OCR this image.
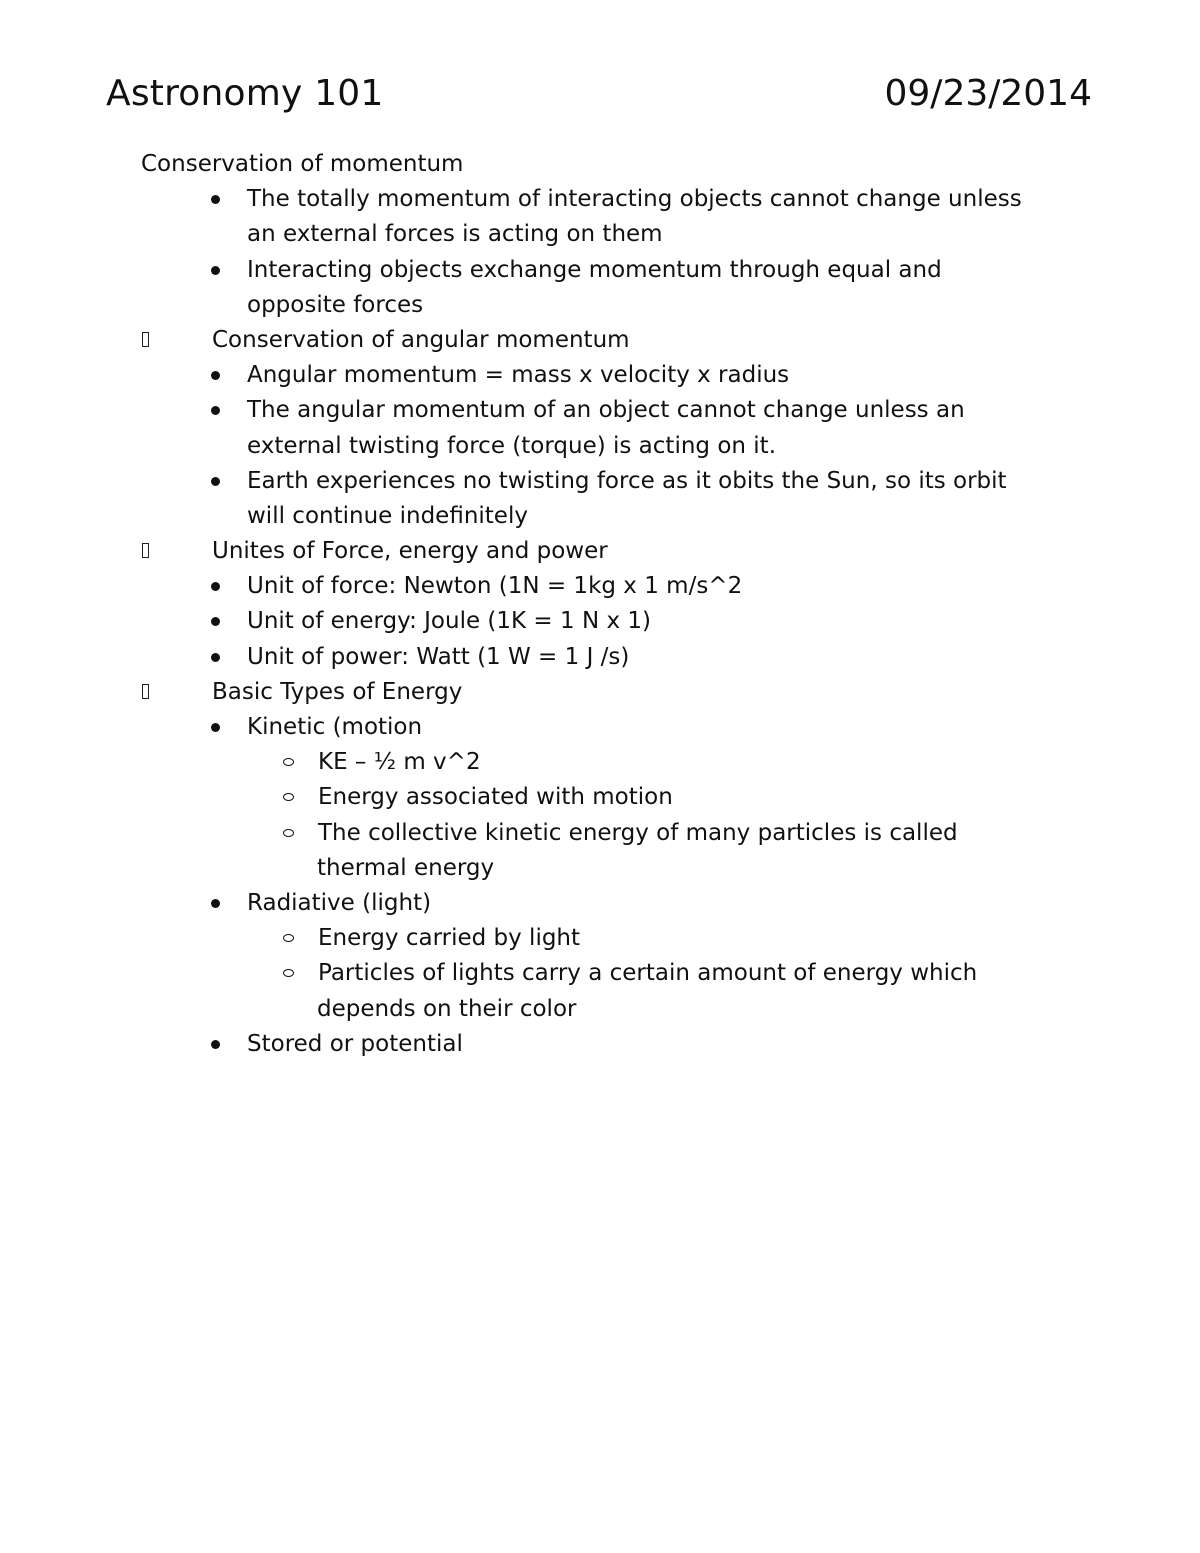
Astronomy 101	09/23/2014
Conservation of momentum
The totally momentum of interacting objects cannot change unless
an external forces is acting on them
Interacting objects exchange momentum through equal and
opposite forces
Conservation of angular momentum
Angular momentum = mass x velocity x radius
The angular momentum of an object cannot change unless an
external twisting force (torque) is acting on it.
Earth experiences no twisting force as it obits the Sun, so its orbit
will continue indefinitely
Unites of Force, energy and power
Unit of force: Newton (1N = 1kg x 1 m/s^2
Unit of energy: Joule (1K = 1 N x 1)
Unit of power: Watt (1 W = 1 J /s)
Basic Types of Energy
Kinetic (motion
KE – ½ m v^2
Energy associated with motion
The collective kinetic energy of many particles is called
thermal energy
Radiative (light)
Energy carried by light
Particles of lights carry a certain amount of energy which
depends on their color
Stored or potential
